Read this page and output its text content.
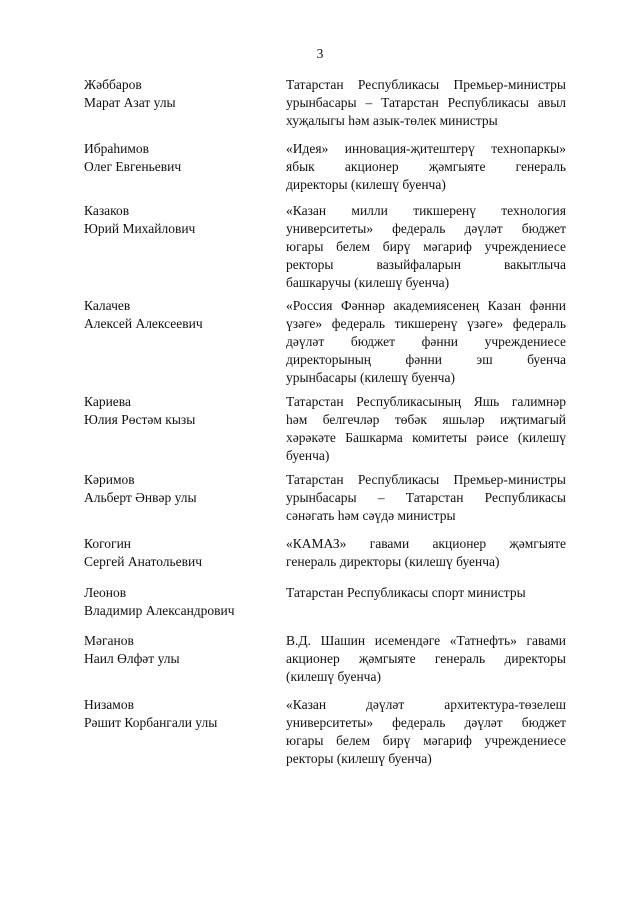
3
Жәббаров
Марат Азат улы
Татарстан Республикасы Премьер-министры
урынбасары – Татарстан Республикасы авыл
хуҗалыгы һәм азык-төлек министры
Ибраһимов
Олег Евгеньевич
«Идея» инновация-җитештерү технопаркы»
ябык акционер җәмгыяте генераль
директоры (килешү буенча)
Казаков
Юрий Михайлович
«Казан милли тикшеренү технология
университеты» федераль дәүләт бюджет
югары белем бирү мәгариф учреждениесе
ректоры вазыйфаларын вакытлыча
башкаручы (килешү буенча)
Калачев
Алексей Алексеевич
«Россия Фәннәр академиясенең Казан фәнни
үзәге» федераль тикшеренү үзәге» федераль
дәүләт бюджет фәнни учреждениесе
директорының фәнни эш буенча
урынбасары (килешү буенча)
Кариева
Юлия Рөстәм кызы
Татарстан Республикасының Яшь галимнәр
һәм белгечләр төбәк яшьләр иҗтимагый
хәрәкәте Башкарма комитеты рәисе (килешү
буенча)
Кәримов
Альберт Әнвәр улы
Татарстан Республикасы Премьер-министры
урынбасары – Татарстан Республикасы
сәнәгать һәм сәүдә министры
Когогин
Сергей Анатольевич
«КАМАЗ» гавами акционер җәмгыяте
генераль директоры (килешү буенча)
Леонов
Владимир Александрович
Татарстан Республикасы спорт министры
Мәганов
Наил Өлфәт улы
В.Д. Шашин исемендәге «Татнефть» гавами
акционер җәмгыяте генераль директоры
(килешү буенча)
Низамов
Рәшит Корбангали улы
«Казан дәүләт архитектура-төзелеш
университеты» федераль дәүләт бюджет
югары белем бирү мәгариф учреждениесе
ректоры (килешү буенча)
